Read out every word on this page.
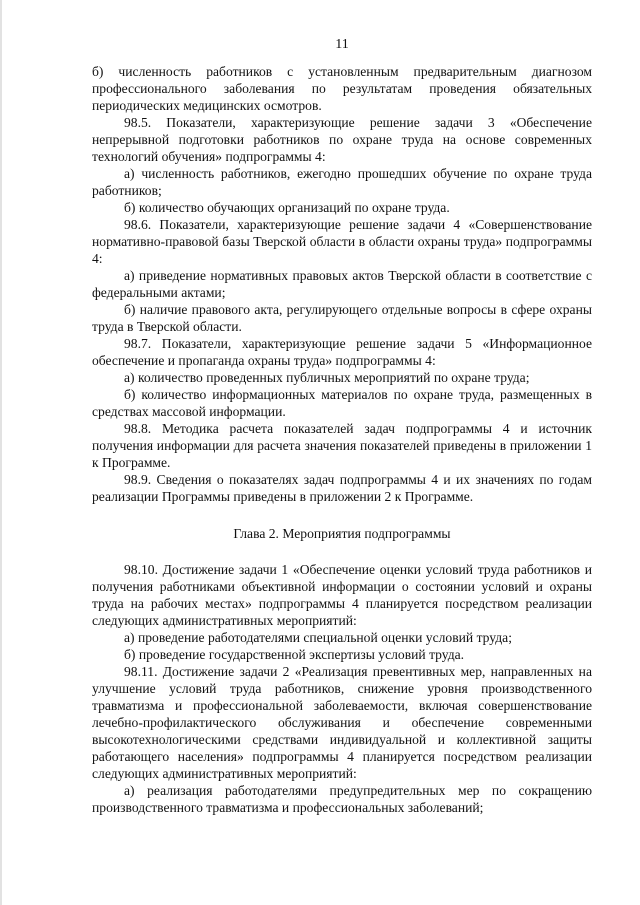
11

б) численность работников с установленным предварительным диагнозом профессионального заболевания по результатам проведения обязательных периодических медицинских осмотров.

98.5. Показатели, характеризующие решение задачи 3 «Обеспечение непрерывной подготовки работников по охране труда на основе современных технологий обучения» подпрограммы 4:

а) численность работников, ежегодно прошедших обучение по охране труда работников;

б) количество обучающих организаций по охране труда.

98.6. Показатели, характеризующие решение задачи 4 «Совершенствование нормативно-правовой базы Тверской области в области охраны труда» подпрограммы 4:

а) приведение нормативных правовых актов Тверской области в соответствие с федеральными актами;

б) наличие правового акта, регулирующего отдельные вопросы в сфере охраны труда в Тверской области.

98.7. Показатели, характеризующие решение задачи 5 «Информационное обеспечение и пропаганда охраны труда» подпрограммы 4:

а) количество проведенных публичных мероприятий по охране труда;

б) количество информационных материалов по охране труда, размещенных в средствах массовой информации.

98.8. Методика расчета показателей задач подпрограммы 4 и источник получения информации для расчета значения показателей приведены в приложении 1 к Программе.

98.9. Сведения о показателях задач подпрограммы 4 и их значениях по годам реализации Программы приведены в приложении 2 к Программе.

Глава 2. Мероприятия подпрограммы

98.10. Достижение задачи 1 «Обеспечение оценки условий труда работников и получения работниками объективной информации о состоянии условий и охраны труда на рабочих местах» подпрограммы 4 планируется посредством реализации следующих административных мероприятий:

а) проведение работодателями специальной оценки условий труда;

б) проведение государственной экспертизы условий труда.

98.11. Достижение задачи 2 «Реализация превентивных мер, направленных на улучшение условий труда работников, снижение уровня производственного травматизма и профессиональной заболеваемости, включая совершенствование лечебно-профилактического обслуживания и обеспечение современными высокотехнологическими средствами индивидуальной и коллективной защиты работающего населения» подпрограммы 4 планируется посредством реализации следующих административных мероприятий:

а) реализация работодателями предупредительных мер по сокращению производственного травматизма и профессиональных заболеваний;
